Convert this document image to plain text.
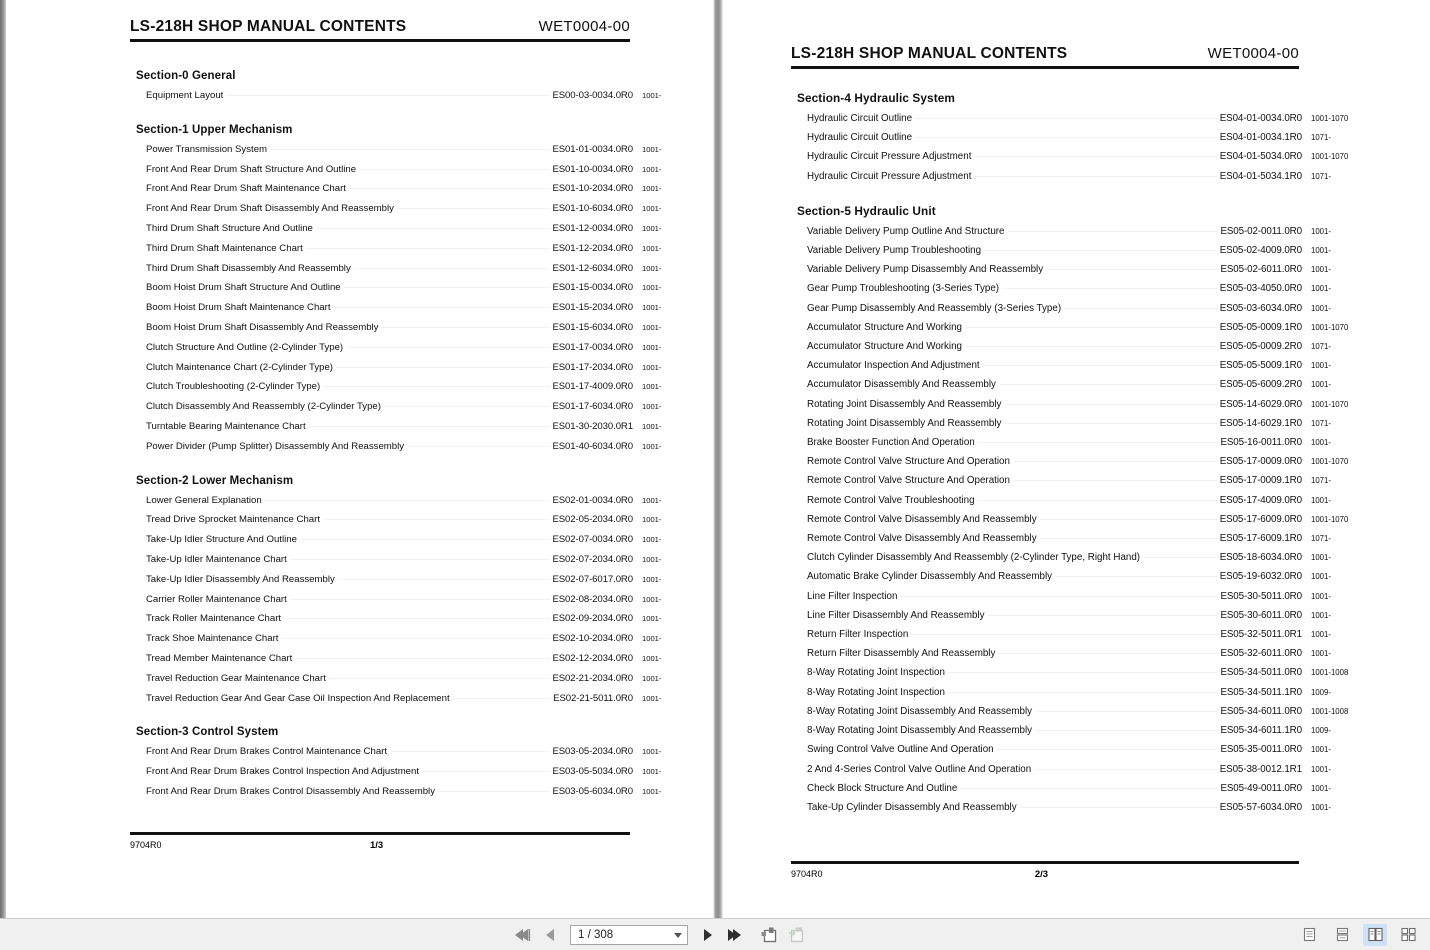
LS-218H SHOP MANUAL CONTENTS	WET0004-00
Section-0 General
Equipment Layout -----	ES00-03-0034.0R0 1001-
Section-1 Upper Mechanism
Power Transmission System -----	ES01-01-0034.0R0 1001-
Front And Rear Drum Shaft Structure And Outline -----	ES01-10-0034.0R0 1001-
Front And Rear Drum Shaft Maintenance Chart -----	ES01-10-2034.0R0 1001-
Front And Rear Drum Shaft Disassembly And Reassembly -----	ES01-10-6034.0R0 1001-
Third Drum Shaft Structure And Outline -----	ES01-12-0034.0R0 1001-
Third Drum Shaft Maintenance Chart -----	ES01-12-2034.0R0 1001-
Third Drum Shaft Disassembly And Reassembly -----	ES01-12-6034.0R0 1001-
Boom Hoist Drum Shaft Structure And Outline -----	ES01-15-0034.0R0 1001-
Boom Hoist Drum Shaft Maintenance Chart -----	ES01-15-2034.0R0 1001-
Boom Hoist Drum Shaft Disassembly And Reassembly -----	ES01-15-6034.0R0 1001-
Clutch Structure And Outline (2-Cylinder Type) -----	ES01-17-0034.0R0 1001-
Clutch Maintenance Chart (2-Cylinder Type) -----	ES01-17-2034.0R0 1001-
Clutch Troubleshooting (2-Cylinder Type) -----	ES01-17-4009.0R0 1001-
Clutch Disassembly And Reassembly (2-Cylinder Type) -----	ES01-17-6034.0R0 1001-
Turntable Bearing Maintenance Chart -----	ES01-30-2030.0R1 1001-
Power Divider (Pump Splitter) Disassembly And Reassembly -----	ES01-40-6034.0R0 1001-
Section-2 Lower Mechanism
Lower General Explanation -----	ES02-01-0034.0R0 1001-
Tread Drive Sprocket Maintenance Chart -----	ES02-05-2034.0R0 1001-
Take-Up Idler Structure And Outline -----	ES02-07-0034.0R0 1001-
Take-Up Idler Maintenance Chart -----	ES02-07-2034.0R0 1001-
Take-Up Idler Disassembly And Reassembly -----	ES02-07-6017.0R0 1001-
Carrier Roller Maintenance Chart -----	ES02-08-2034.0R0 1001-
Track Roller Maintenance Chart -----	ES02-09-2034.0R0 1001-
Track Shoe Maintenance Chart -----	ES02-10-2034.0R0 1001-
Tread Member Maintenance Chart -----	ES02-12-2034.0R0 1001-
Travel Reduction Gear Maintenance Chart -----	ES02-21-2034.0R0 1001-
Travel Reduction Gear And Gear Case Oil Inspection And Replacement -----	ES02-21-5011.0R0 1001-
Section-3 Control System
Front And Rear Drum Brakes Control Maintenance Chart -----	ES03-05-2034.0R0 1001-
Front And Rear Drum Brakes Control Inspection And Adjustment -----	ES03-05-5034.0R0 1001-
Front And Rear Drum Brakes Control Disassembly And Reassembly -----	ES03-05-6034.0R0 1001-
9704R0	1/3
LS-218H SHOP MANUAL CONTENTS	WET0004-00
Section-4 Hydraulic System
Hydraulic Circuit Outline -----	ES04-01-0034.0R0 1001-1070
Hydraulic Circuit Outline -----	ES04-01-0034.1R0 1071-
Hydraulic Circuit Pressure Adjustment -----	ES04-01-5034.0R0 1001-1070
Hydraulic Circuit Pressure Adjustment -----	ES04-01-5034.1R0 1071-
Section-5 Hydraulic Unit
Variable Delivery Pump Outline And Structure -----	ES05-02-0011.0R0 1001-
Variable Delivery Pump Troubleshooting -----	ES05-02-4009.0R0 1001-
Variable Delivery Pump Disassembly And Reassembly -----	ES05-02-6011.0R0 1001-
Gear Pump Troubleshooting (3-Series Type) -----	ES05-03-4050.0R0 1001-
Gear Pump Disassembly And Reassembly (3-Series Type) -----	ES05-03-6034.0R0 1001-
Accumulator Structure And Working -----	ES05-05-0009.1R0 1001-1070
Accumulator Structure And Working -----	ES05-05-0009.2R0 1071-
Accumulator Inspection And Adjustment -----	ES05-05-5009.1R0 1001-
Accumulator Disassembly And Reassembly -----	ES05-05-6009.2R0 1001-
Rotating Joint Disassembly And Reassembly -----	ES05-14-6029.0R0 1001-1070
Rotating Joint Disassembly And Reassembly -----	ES05-14-6029.1R0 1071-
Brake Booster Function And Operation -----	ES05-16-0011.0R0 1001-
Remote Control Valve Structure And Operation -----	ES05-17-0009.0R0 1001-1070
Remote Control Valve Structure And Operation -----	ES05-17-0009.1R0 1071-
Remote Control Valve Troubleshooting -----	ES05-17-4009.0R0 1001-
Remote Control Valve Disassembly And Reassembly -----	ES05-17-6009.0R0 1001-1070
Remote Control Valve Disassembly And Reassembly -----	ES05-17-6009.1R0 1071-
Clutch Cylinder Disassembly And Reassembly (2-Cylinder Type, Right Hand) -----	ES05-18-6034.0R0 1001-
Automatic Brake Cylinder Disassembly And Reassembly -----	ES05-19-6032.0R0 1001-
Line Filter Inspection -----	ES05-30-5011.0R0 1001-
Line Filter Disassembly And Reassembly -----	ES05-30-6011.0R0 1001-
Return Filter Inspection -----	ES05-32-5011.0R1 1001-
Return Filter Disassembly And Reassembly -----	ES05-32-6011.0R0 1001-
8-Way Rotating Joint Inspection -----	ES05-34-5011.0R0 1001-1008
8-Way Rotating Joint Inspection -----	ES05-34-5011.1R0 1009-
8-Way Rotating Joint Disassembly And Reassembly -----	ES05-34-6011.0R0 1001-1008
8-Way Rotating Joint Disassembly And Reassembly -----	ES05-34-6011.1R0 1009-
Swing Control Valve Outline And Operation -----	ES05-35-0011.0R0 1001-
2 And 4-Series Control Valve Outline And Operation -----	ES05-38-0012.1R1 1001-
Check Block Structure And Outline -----	ES05-49-0011.0R0 1001-
Take-Up Cylinder Disassembly And Reassembly -----	ES05-57-6034.0R0 1001-
9704R0	2/3
1 / 308
